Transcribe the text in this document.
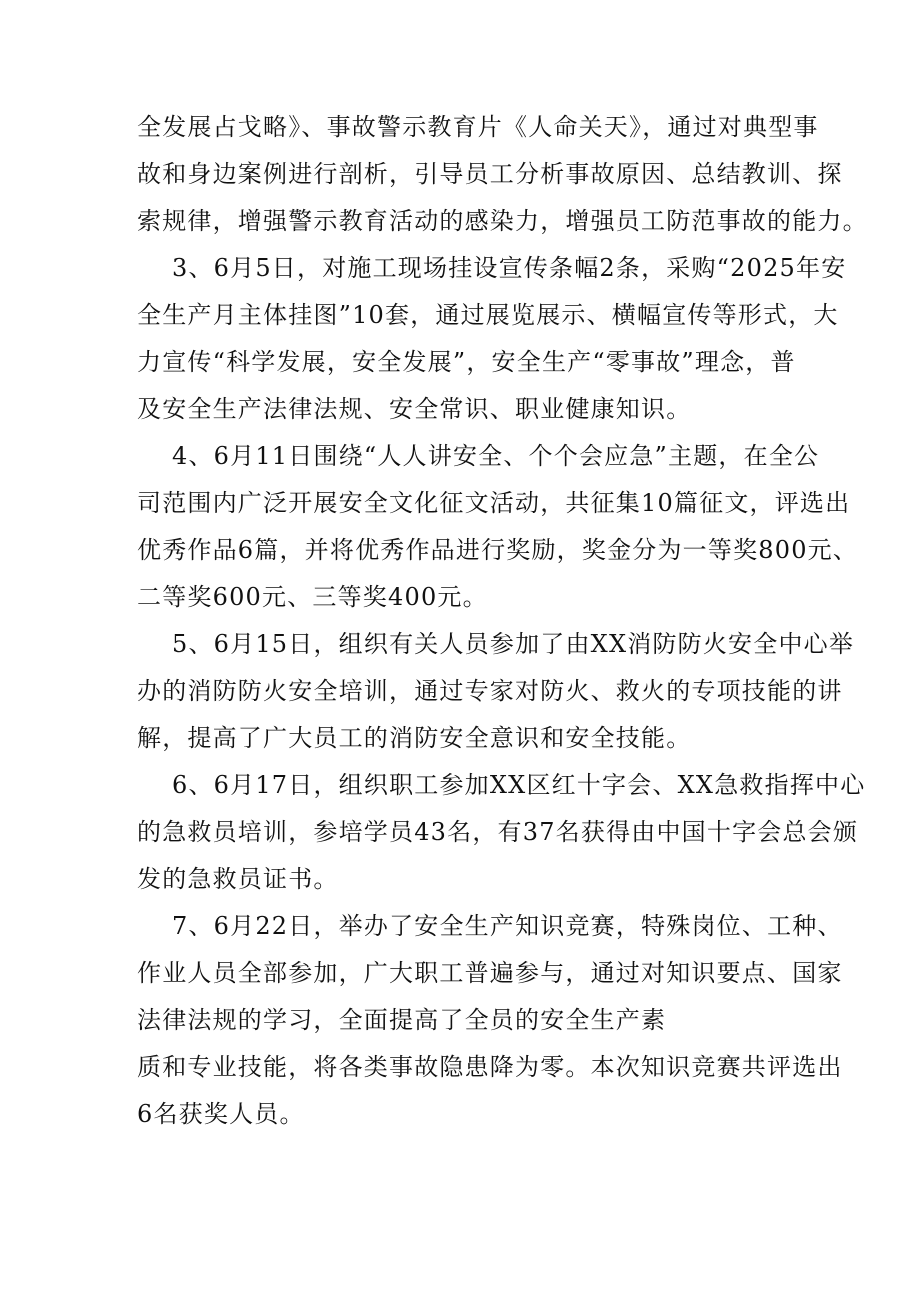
全发展占戈略》、事故警示教育片《人命关天》，通过对典型事
故和身边案例进行剖析，引导员工分析事故原因、总结教训、探
索规律，增强警示教育活动的感染力，增强员工防范事故的能力。
3、6月5日，对施工现场挂设宣传条幅2条，采购“2025年安
全生产月主体挂图”10套，通过展览展示、横幅宣传等形式，大
力宣传“科学发展，安全发展”，安全生产“零事故”理念，普
及安全生产法律法规、安全常识、职业健康知识。
4、6月11日围绕“人人讲安全、个个会应急”主题，在全公
司范围内广泛开展安全文化征文活动，共征集10篇征文，评选出
优秀作品6篇，并将优秀作品进行奖励，奖金分为一等奖800元、
二等奖600元、三等奖400元。
5、6月15日，组织有关人员参加了由XX消防防火安全中心举
办的消防防火安全培训，通过专家对防火、救火的专项技能的讲
解，提高了广大员工的消防安全意识和安全技能。
6、6月17日，组织职工参加XX区红十字会、XX急救指挥中心
的急救员培训，参培学员43名，有37名获得由中国十字会总会颁
发的急救员证书。
7、6月22日，举办了安全生产知识竞赛，特殊岗位、工种、
作业人员全部参加，广大职工普遍参与，通过对知识要点、国家
法律法规的学习，全面提高了全员的安全生产素
质和专业技能，将各类事故隐患降为零。本次知识竞赛共评选出
6名获奖人员。
